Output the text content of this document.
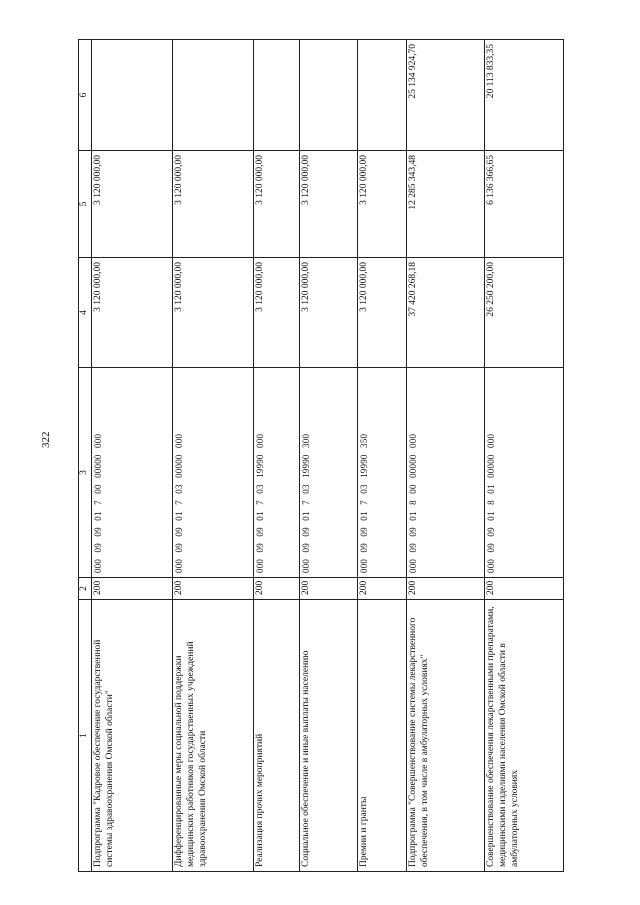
322
1	2	3	4	5	6
Подпрограмма "Кадровое обеспечение государственной системы здравоохранения Омской области"	200	000 09 09 01 7 00 00000 000	3 120 000,00	3 120 000,00	
Дифференцированные меры социальной поддержки медицинских работников государственных учреждений здравоохранения Омской области	200	000 09 09 01 7 03 00000 000	3 120 000,00	3 120 000,00	
Реализация прочих мероприятий	200	000 09 09 01 7 03 19990 000	3 120 000,00	3 120 000,00	
Социальное обеспечение и иные выплаты населению	200	000 09 09 01 7 03 19990 300	3 120 000,00	3 120 000,00	
Премии и гранты	200	000 09 09 01 7 03 19990 350	3 120 000,00	3 120 000,00	
Подпрограмма "Совершенствование системы лекарственного обеспечения, в том числе в амбулаторных условиях"	200	000 09 09 01 8 00 00000 000	37 420 268,18	12 285 343,48	25 134 924,70
Совершенствование обеспечения лекарственными препаратами, медицинскими изделиями населения Омской области в амбулаторных условиях	200	000 09 09 01 8 01 00000 000	26 250 200,00	6 136 366,65	20 113 833,35
